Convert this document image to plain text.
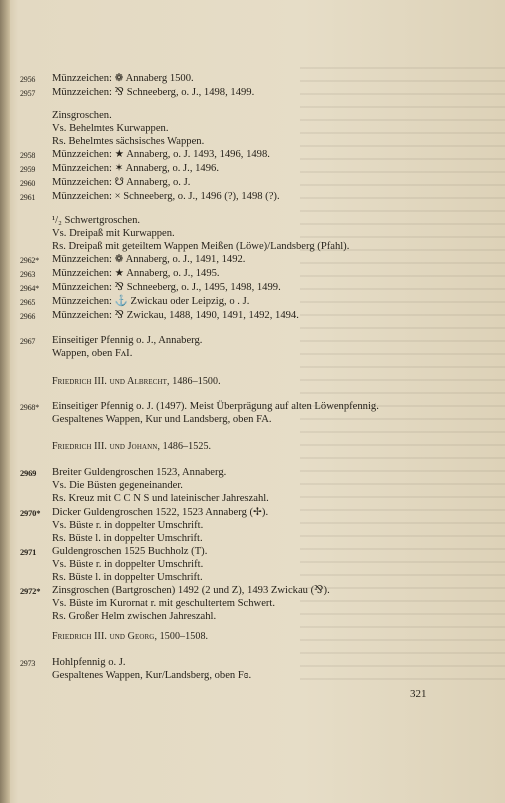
2956	Münzzeichen: ❁ Annaberg 1500.
2957	Münzzeichen: ⅋ Schneeberg, o. J., 1498, 1499.
Zinsgroschen.
Vs. Behelmtes Kurwappen.
Rs. Behelmtes sächsisches Wappen.
2958	Münzzeichen: ★ Annaberg, o. J. 1493, 1496, 1498.
2959	Münzzeichen: ✶ Annaberg, o. J., 1496.
2960	Münzzeichen: ☋ Annaberg, o. J.
2961	Münzzeichen: × Schneeberg, o. J., 1496 (?), 1498 (?).
¹/₂ Schwertgroschen.
Vs. Dreipaß mit Kurwappen.
Rs. Dreipaß mit geteiltem Wappen Meißen (Löwe)/Landsberg (Pfahl).
2962*	Münzzeichen: ❁ Annaberg, o. J., 1491, 1492.
2963	Münzzeichen: ★ Annaberg, o. J., 1495.
2964*	Münzzeichen: ⅋ Schneeberg, o. J., 1495, 1498, 1499.
2965	Münzzeichen: ⚓ Zwickau oder Leipzig, o . J.
2966	Münzzeichen: ⅋ Zwickau, 1488, 1490, 1491, 1492, 1494.
2967	Einseitiger Pfennig o. J., Annaberg.
Wappen, oben FʌI.
Friedrich III. und Albrecht, 1486–1500.
2968*	Einseitiger Pfennig o. J. (1497). Meist Überprägung auf alten Löwenpfennig.
Gespaltenes Wappen, Kur und Landsberg, oben FA.
Friedrich III. und Johann, 1486–1525.
2969	Breiter Guldengroschen 1523, Annaberg.
Vs. Die Büsten gegeneinander.
Rs. Kreuz mit C C N S und lateinischer Jahreszahl.
2970*	Dicker Guldengroschen 1522, 1523 Annaberg (✢).
Vs. Büste r. in doppelter Umschrift.
Rs. Büste l. in doppelter Umschrift.
2971	Guldengroschen 1525 Buchholz (T).
Vs. Büste r. in doppelter Umschrift.
Rs. Büste l. in doppelter Umschrift.
2972*	Zinsgroschen (Bartgroschen) 1492 (2 und Z), 1493 Zwickau (⅋).
Vs. Büste im Kurornat r. mit geschultertem Schwert.
Rs. Großer Helm zwischen Jahreszahl.
Friedrich III. und Georg, 1500–1508.
2973	Hohlpfennig o. J.
Gespaltenes Wappen, Kur/Landsberg, oben Fɞ.
321
